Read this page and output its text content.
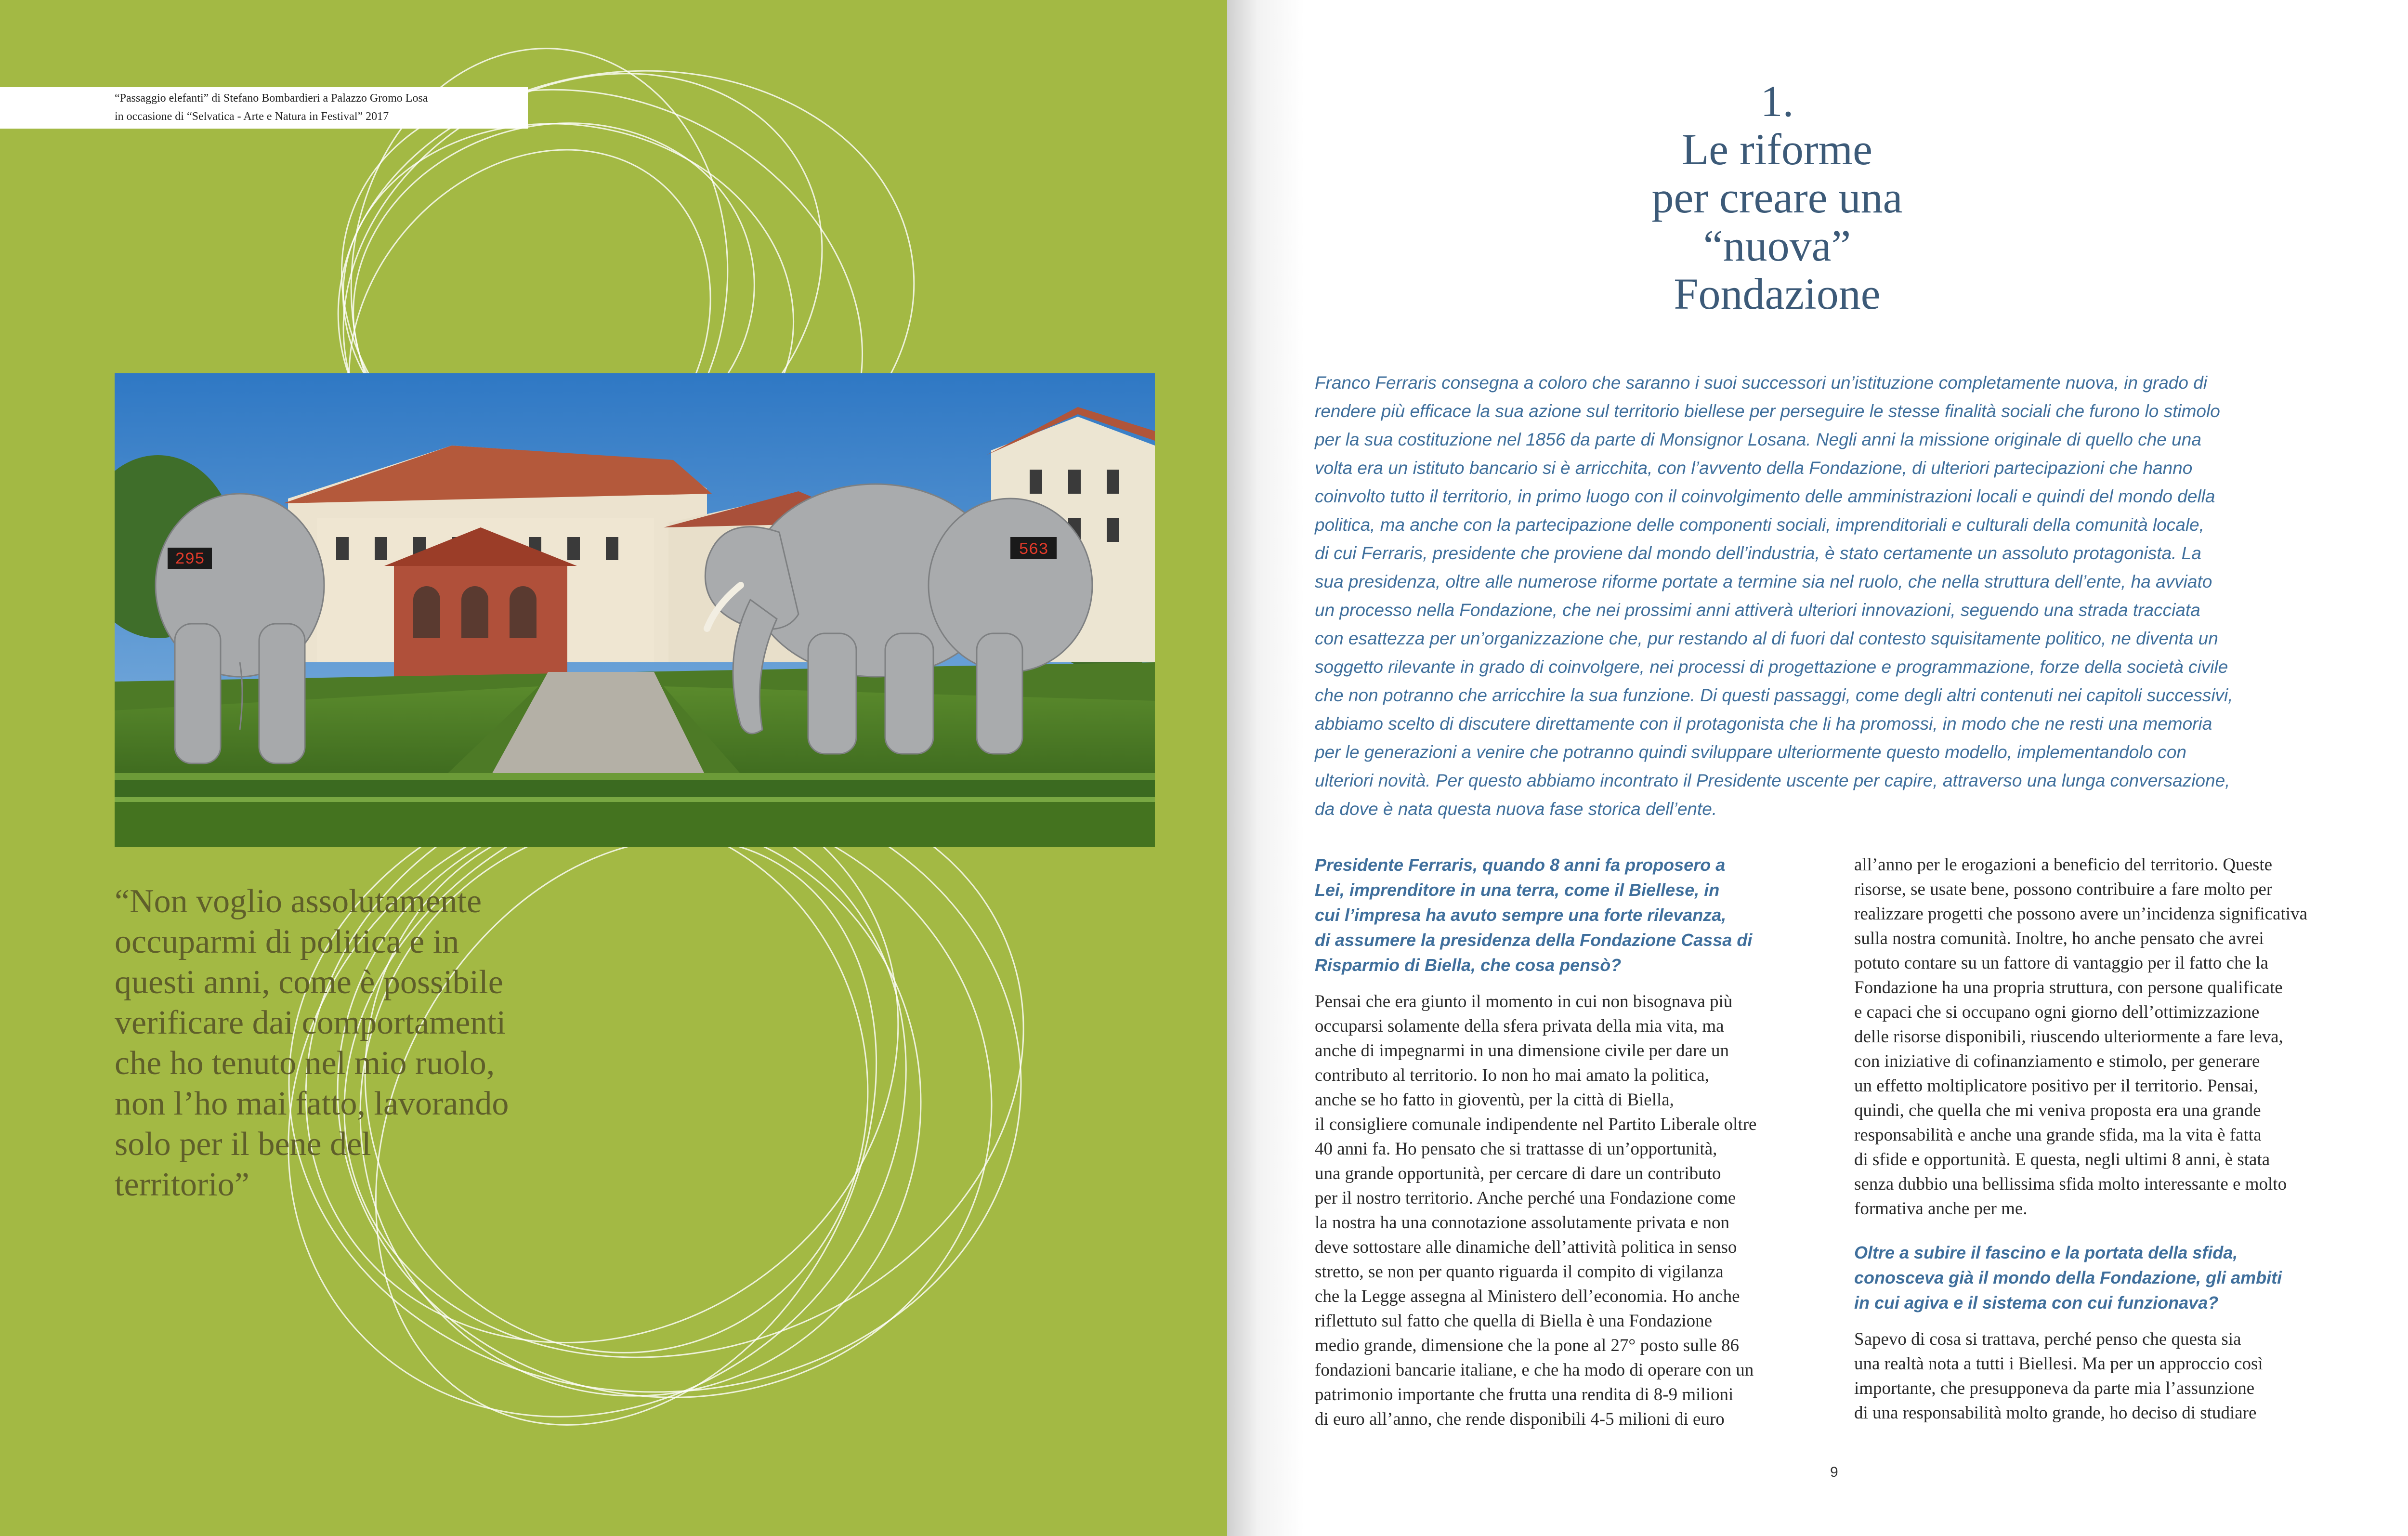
“Passaggio elefanti” di Stefano Bombardieri a Palazzo Gromo Losa
in occasione di “Selvatica - Arte e Natura in Festival” 2017

295
563

“Non voglio assolutamente occuparmi di politica e in questi anni, come è possibile verificare dai comportamenti che ho tenuto nel mio ruolo, non l’ho mai fatto, lavorando solo per il bene del territorio”

1.
Le riforme
per creare una
“nuova”
Fondazione
Franco Ferraris consegna a coloro che saranno i suoi successori un’istituzione completamente nuova, in grado di
rendere più efficace la sua azione sul territorio biellese per perseguire le stesse finalità sociali che furono lo stimolo
per la sua costituzione nel 1856 da parte di Monsignor Losana. Negli anni la missione originale di quello che una
volta era un istituto bancario si è arricchita, con l’avvento della Fondazione, di ulteriori partecipazioni che hanno
coinvolto tutto il territorio, in primo luogo con il coinvolgimento delle amministrazioni locali e quindi del mondo della
politica, ma anche con la partecipazione delle componenti sociali, imprenditoriali e culturali della comunità locale,
di cui Ferraris, presidente che proviene dal mondo dell’industria, è stato certamente un assoluto protagonista. La
sua presidenza, oltre alle numerose riforme portate a termine sia nel ruolo, che nella struttura dell’ente, ha avviato
un processo nella Fondazione, che nei prossimi anni attiverà ulteriori innovazioni, seguendo una strada tracciata
con esattezza per un’organizzazione che, pur restando al di fuori dal contesto squisitamente politico, ne diventa un
soggetto rilevante in grado di coinvolgere, nei processi di progettazione e programmazione, forze della società civile
che non potranno che arricchire la sua funzione. Di questi passaggi, come degli altri contenuti nei capitoli successivi,
abbiamo scelto di discutere direttamente con il protagonista che li ha promossi, in modo che ne resti una memoria
per le generazioni a venire che potranno quindi sviluppare ulteriormente questo modello, implementandolo con
ulteriori novità. Per questo abbiamo incontrato il Presidente uscente per capire, attraverso una lunga conversazione,
da dove è nata questa nuova fase storica dell’ente.
Presidente Ferraris, quando 8 anni fa proposero a
Lei, imprenditore in una terra, come il Biellese, in
cui l’impresa ha avuto sempre una forte rilevanza,
di assumere la presidenza della Fondazione Cassa di
Risparmio di Biella, che cosa pensò?
Pensai che era giunto il momento in cui non bisognava più
occuparsi solamente della sfera privata della mia vita, ma
anche di impegnarmi in una dimensione civile per dare un
contributo al territorio. Io non ho mai amato la politica,
anche se ho fatto in gioventù, per la città di Biella,
il consigliere comunale indipendente nel Partito Liberale oltre
40 anni fa. Ho pensato che si trattasse di un’opportunità,
una grande opportunità, per cercare di dare un contributo
per il nostro territorio. Anche perché una Fondazione come
la nostra ha una connotazione assolutamente privata e non
deve sottostare alle dinamiche dell’attività politica in senso
stretto, se non per quanto riguarda il compito di vigilanza
che la Legge assegna al Ministero dell’economia. Ho anche
riflettuto sul fatto che quella di Biella è una Fondazione
medio grande, dimensione che la pone al 27° posto sulle 86
fondazioni bancarie italiane, e che ha modo di operare con un
patrimonio importante che frutta una rendita di 8-9 milioni
di euro all’anno, che rende disponibili 4-5 milioni di euro
all’anno per le erogazioni a beneficio del territorio. Queste
risorse, se usate bene, possono contribuire a fare molto per
realizzare progetti che possono avere un’incidenza significativa
sulla nostra comunità. Inoltre, ho anche pensato che avrei
potuto contare su un fattore di vantaggio per il fatto che la
Fondazione ha una propria struttura, con persone qualificate
e capaci che si occupano ogni giorno dell’ottimizzazione
delle risorse disponibili, riuscendo ulteriormente a fare leva,
con iniziative di cofinanziamento e stimolo, per generare
un effetto moltiplicatore positivo per il territorio. Pensai,
quindi, che quella che mi veniva proposta era una grande
responsabilità e anche una grande sfida, ma la vita è fatta
di sfide e opportunità. E questa, negli ultimi 8 anni, è stata
senza dubbio una bellissima sfida molto interessante e molto
formativa anche per me.
Oltre a subire il fascino e la portata della sfida,
conosceva già il mondo della Fondazione, gli ambiti
in cui agiva e il sistema con cui funzionava?
Sapevo di cosa si trattava, perché penso che questa sia
una realtà nota a tutti i Biellesi. Ma per un approccio così
importante, che presupponeva da parte mia l’assunzione
di una responsabilità molto grande, ho deciso di studiare
9
